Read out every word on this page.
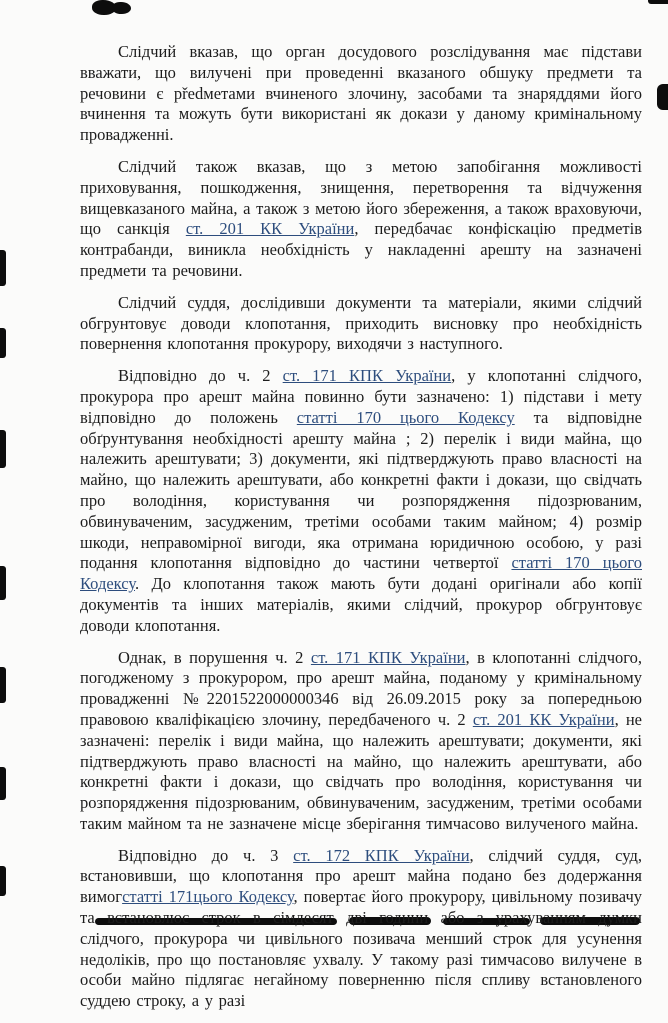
Слідчий вказав, що орган досудового розслідування має підстави вважати, що вилучені при проведенні вказаного обшуку предмети та речовини є předметами вчиненого злочину, засобами та знаряддями його вчинення та можуть бути використані як докази у даному кримінальному провадженні.

Слідчий також вказав, що з метою запобігання можливості приховування, пошкодження, знищення, перетворення та відчуження вищевказаного майна, а також з метою його збереження, а також враховуючи, що санкція ст. 201 КК України, передбачає конфіскацію предметів контрабанди, виникла необхідність у накладенні арешту на зазначені предмети та речовини.

Слідчий суддя, дослідивши документи та матеріали, якими слідчий обгрунтовує доводи клопотання, приходить висновку про необхідність повернення клопотання прокурору, виходячи з наступного.

Відповідно до ч. 2 ст. 171 КПК України, у клопотанні слідчого, прокурора про арешт майна повинно бути зазначено: 1) підстави і мету відповідно до положень статті 170 цього Кодексу та відповідне обґрунтування необхідності арешту майна ; 2) перелік і види майна, що належить арештувати; 3) документи, які підтверджують право власності на майно, що належить арештувати, або конкретні факти і докази, що свідчать про володіння, користування чи розпорядження підозрюваним, обвинуваченим, засудженим, третіми особами таким майном; 4) розмір шкоди, неправомірної вигоди, яка отримана юридичною особою, у разі подання клопотання відповідно до частини четвертої статті 170 цього Кодексу. До клопотання також мають бути додані оригінали або копії документів та інших матеріалів, якими слідчий, прокурор обгрунтовує доводи клопотання.

Однак, в порушення ч. 2 ст. 171 КПК України, в клопотанні слідчого, погодженому з прокурором, про арешт майна, поданому у кримінальному провадженні №2201522000000346 від 26.09.2015 року за попередньою правовою кваліфікацією злочину, передбаченого ч. 2 ст. 201 КК України, не зазначені: перелік і види майна, що належить арештувати; документи, які підтверджують право власності на майно, що належить арештувати, або конкретні факти і докази, що свідчать про володіння, користування чи розпорядження підозрюваним, обвинуваченим, засудженим, третіми особами таким майном та не зазначене місце зберігання тимчасово вилученого майна.

Відповідно до ч. 3 ст. 172 КПК України, слідчий суддя, суд, встановивши, що клопотання про арешт майна подано без додержання вимогстатті 171цього Кодексу, повертає його прокурору, цивільному позивачу та встановлює строк в сімдесят дві години або з урахуванням думки слідчого, прокурора чи цивільного позивача менший строк для усунення недоліків, про що постановляє ухвалу. У такому разі тимчасово вилучене в особи майно підлягає негайному поверненню після спливу встановленого суддею строку, а у разі
